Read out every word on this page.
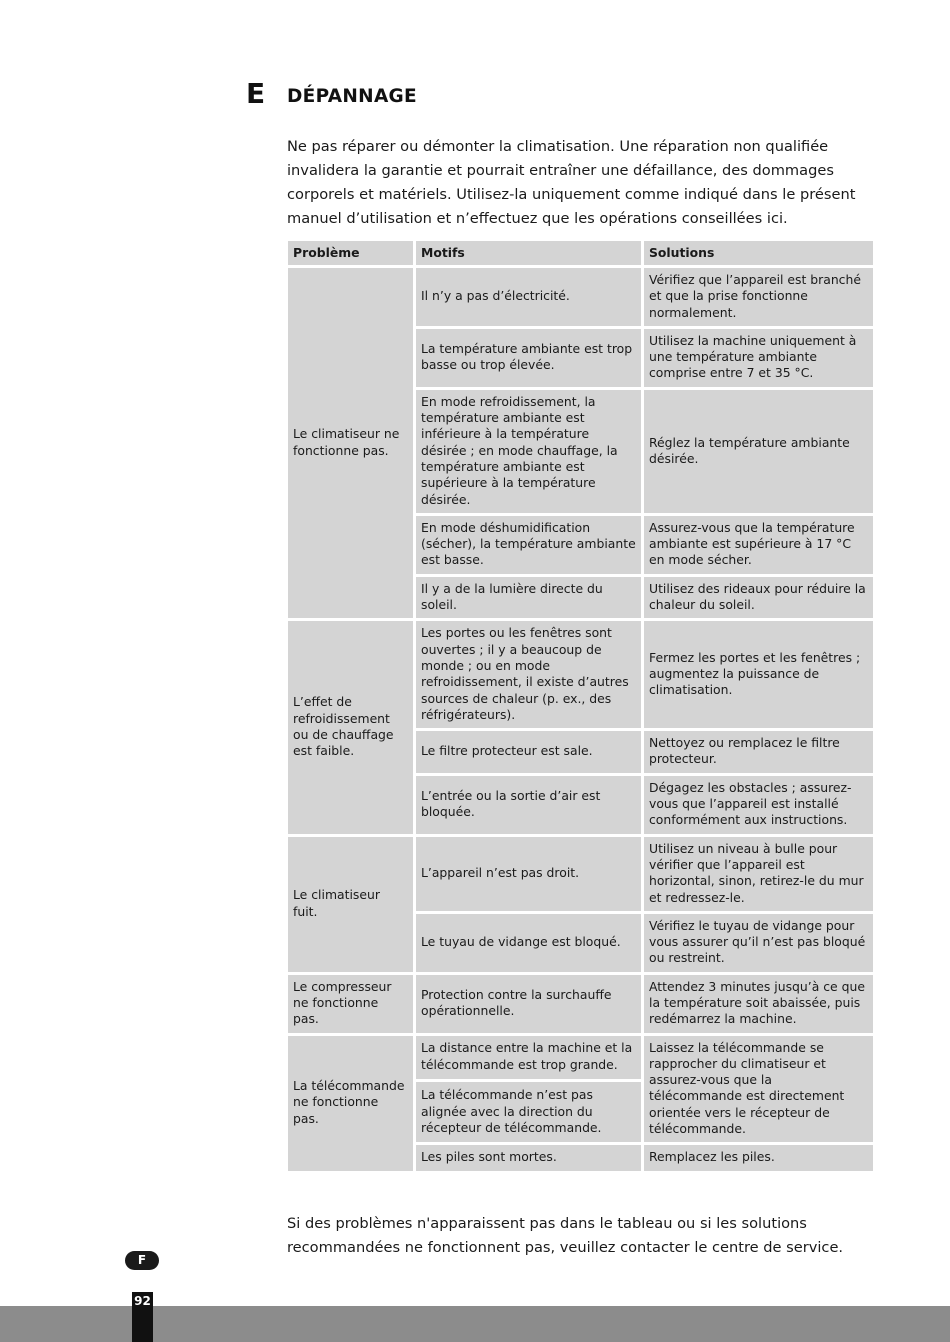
E DÉPANNAGE

Ne pas réparer ou démonter la climatisation. Une réparation non qualifiée invalidera la garantie et pourrait entraîner une défaillance, des dommages corporels et matériels. Utilisez-la uniquement comme indiqué dans le présent manuel d’utilisation et n’effectuez que les opérations conseillées ici.

Problème	Motifs	Solutions
Le climatiseur ne fonctionne pas.	Il n’y a pas d’électricité.	Vérifiez que l’appareil est branché et que la prise fonctionne normalement.
	La température ambiante est trop basse ou trop élevée.	Utilisez la machine uniquement à une température ambiante comprise entre 7 et 35 °C.
	En mode refroidissement, la température ambiante est inférieure à la température désirée ; en mode chauffage, la température ambiante est supérieure à la température désirée.	Réglez la température ambiante désirée.
	En mode déshumidification (sécher), la température ambiante est basse.	Assurez-vous que la température ambiante est supérieure à 17 °C en mode sécher.
	Il y a de la lumière directe du soleil.	Utilisez des rideaux pour réduire la chaleur du soleil.
L’effet de refroidissement ou de chauffage est faible.	Les portes ou les fenêtres sont ouvertes ; il y a beaucoup de monde ; ou en mode refroidissement, il existe d’autres sources de chaleur (p. ex., des réfrigérateurs).	Fermez les portes et les fenêtres ; augmentez la puissance de climatisation.
	Le filtre protecteur est sale.	Nettoyez ou remplacez le filtre protecteur.
	L’entrée ou la sortie d’air est bloquée.	Dégagez les obstacles ; assurez-vous que l’appareil est installé conformément aux instructions.
Le climatiseur fuit.	L’appareil n’est pas droit.	Utilisez un niveau à bulle pour vérifier que l’appareil est horizontal, sinon, retirez-le du mur et redressez-le.
	Le tuyau de vidange est bloqué.	Vérifiez le tuyau de vidange pour vous assurer qu’il n’est pas bloqué ou restreint.
Le compresseur ne fonctionne pas.	Protection contre la surchauffe opérationnelle.	Attendez 3 minutes jusqu’à ce que la température soit abaissée, puis redémarrez la machine.
La télécommande ne fonctionne pas.	La distance entre la machine et la télécommande est trop grande.	Laissez la télécommande se rapprocher du climatiseur et assurez-vous que la télécommande est directement orientée vers le récepteur de télécommande.
	La télécommande n’est pas alignée avec la direction du récepteur de télécommande.	
	Les piles sont mortes.	Remplacez les piles.

Si des problèmes n'apparaissent pas dans le tableau ou si les solutions recommandées ne fonctionnent pas, veuillez contacter le centre de service.

F
92
